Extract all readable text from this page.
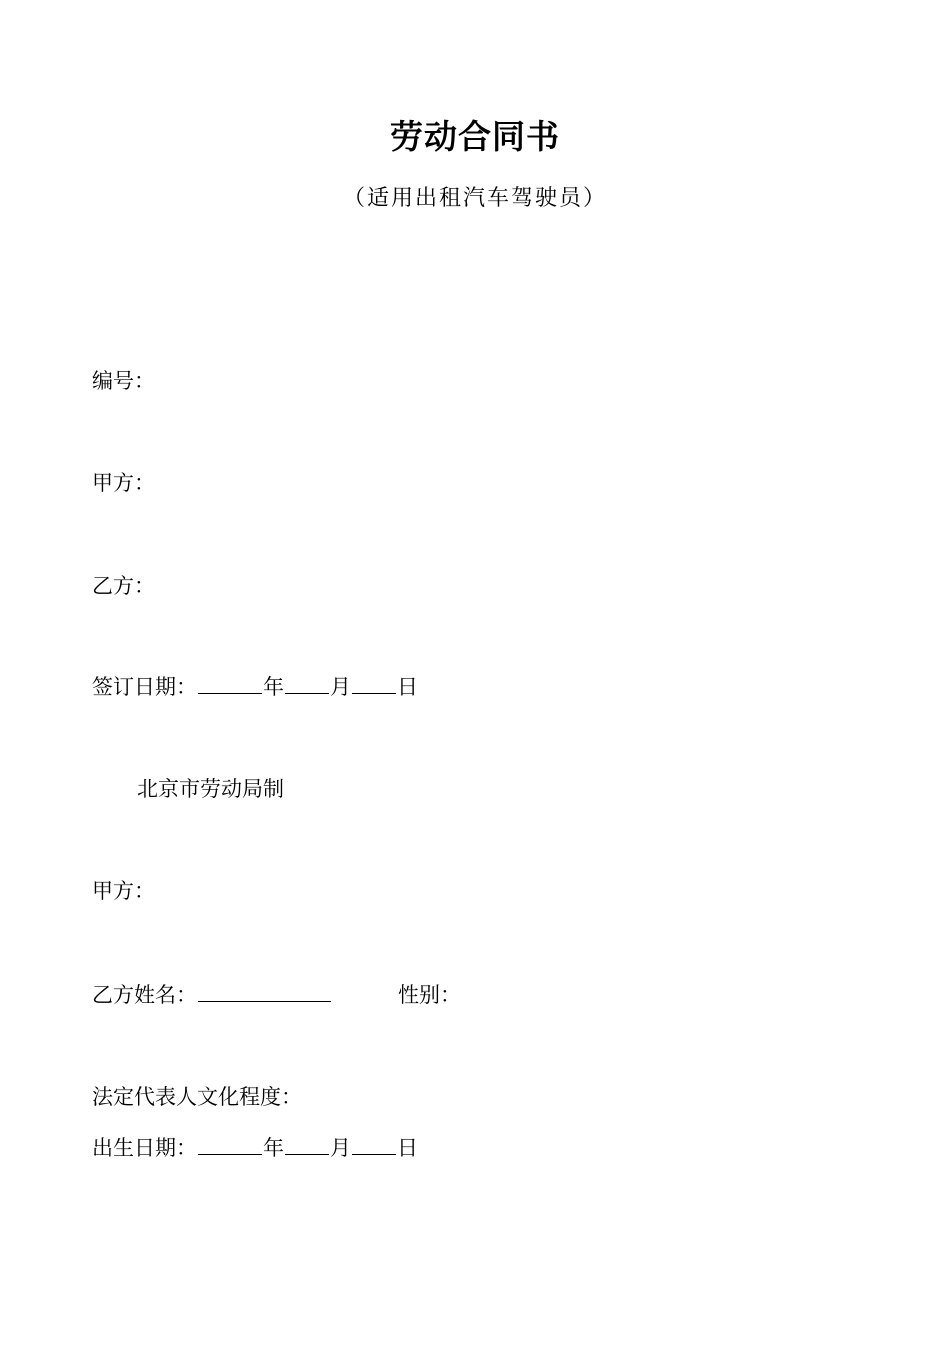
劳动合同书
（适用出租汽车驾驶员）
编号：
甲方：
乙方：
签订日期：	年 月 日
北京市劳动局制
甲方：
乙方姓名：	性别：
法定代表人文化程度：
出生日期：	年 月 日
